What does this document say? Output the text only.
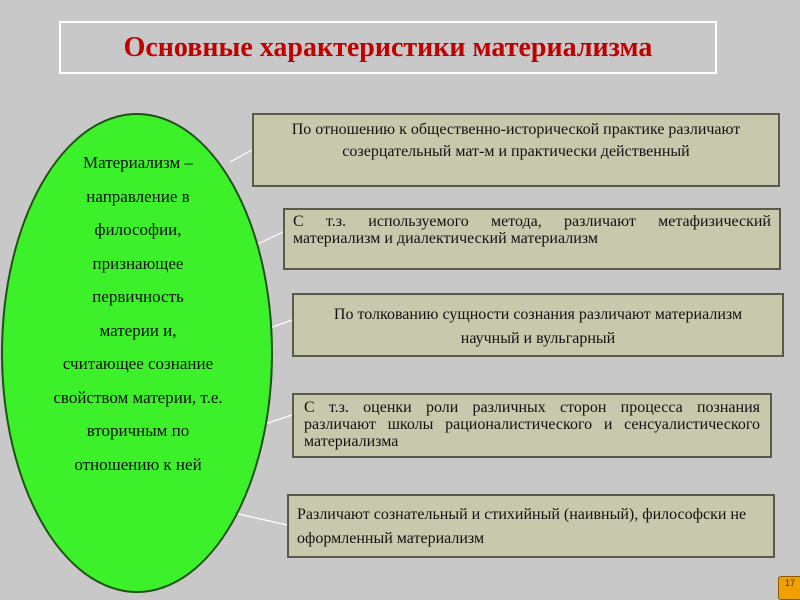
Основные характеристики материализма
Материализм –
направление в
философии,
признающее
первичность
материи и,
считающее сознание
свойством материи, т.е.
вторичным по
отношению к ней
По отношению к общественно-исторической практике различают созерцательный мат-м и практически действенный
С т.з. используемого метода, различают метафизический материализм и диалектический материализм
По толкованию сущности сознания различают материализм научный и вульгарный
С т.з. оценки роли различных сторон процесса познания различают школы рационалистического и сенсуалистического материализма
Различают сознательный и стихийный (наивный), философски не оформленный материализм
17
